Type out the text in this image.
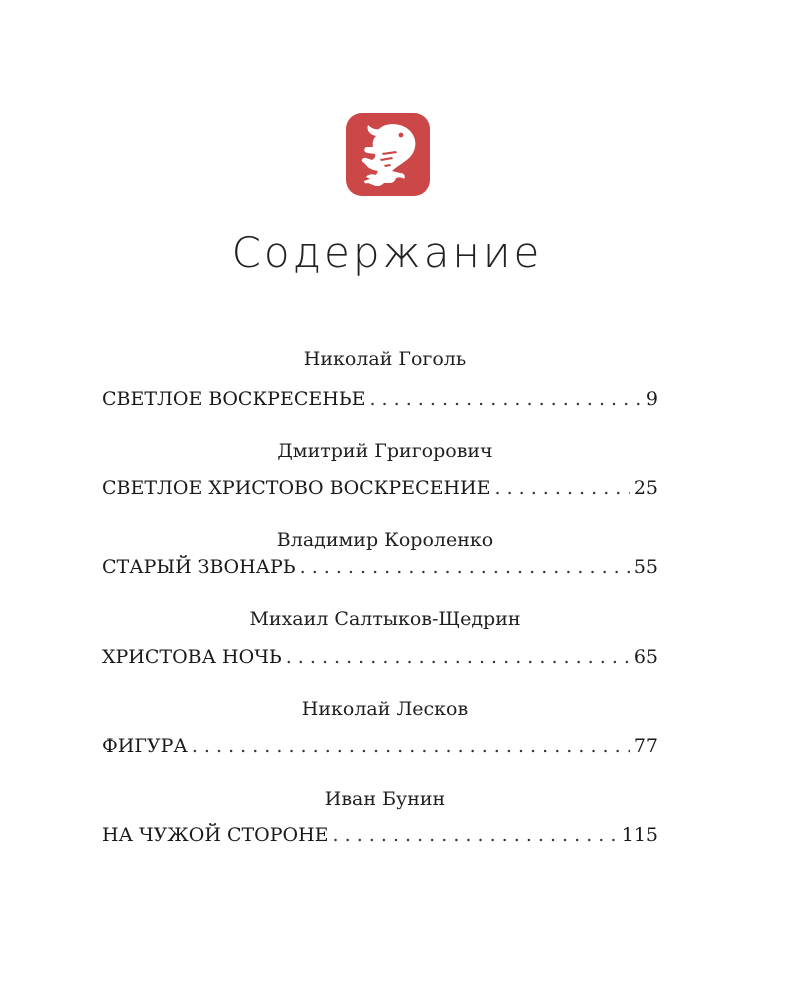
Содержание
Николай Гоголь
СВЕТЛОЕ ВОСКРЕСЕНЬЕ . . .	9
Дмитрий Григорович
СВЕТЛОЕ ХРИСТОВО ВОСКРЕСЕНИЕ . . .	25
Владимир Короленко
СТАРЫЙ ЗВОНАРЬ . . .	55
Михаил Салтыков-Щедрин
ХРИСТОВА НОЧЬ . . .	65
Николай Лесков
ФИГУРА . . .	77
Иван Бунин
НА ЧУЖОЙ СТОРОНЕ . . .	115
